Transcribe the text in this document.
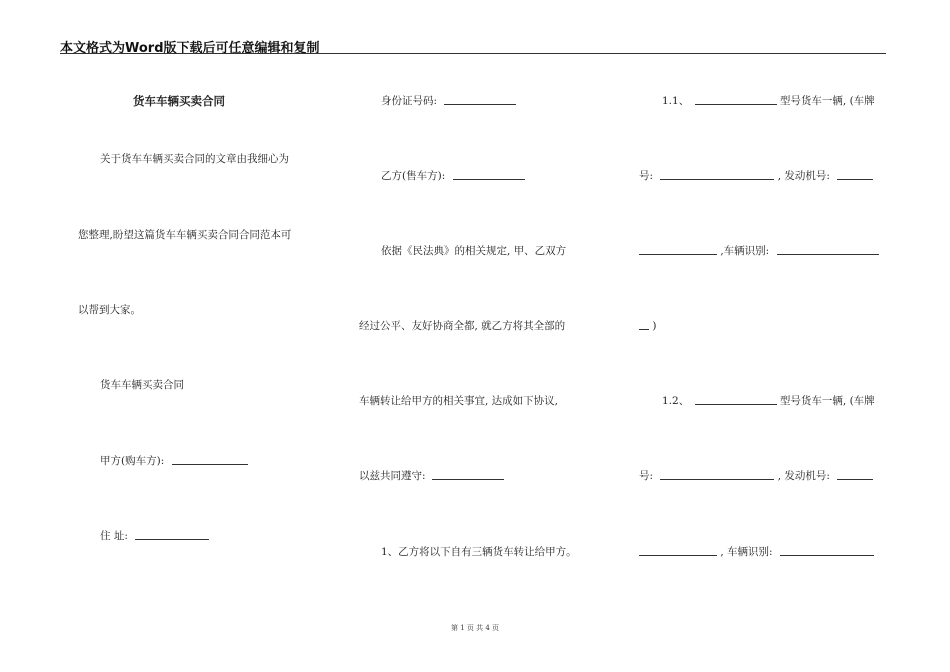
本文格式为Word版下载后可任意编辑和复制
货车车辆买卖合同
关于货车车辆买卖合同的文章由我细心为
您整理,盼望这篇货车车辆买卖合同合同范本可
以帮到大家。
货车车辆买卖合同
甲方(购车方):
住 址:
身份证号码:
乙方(售车方):
依据《民法典》的相关规定, 甲、乙双方
经过公平、友好协商全都, 就乙方将其全部的
车辆转让给甲方的相关事宜, 达成如下协议,
以兹共同遵守:
1、乙方将以下自有三辆货车转让给甲方。
1.1、	型号货车一辆, (车牌
号:	, 发动机号:
,车辆识别:
)
1.2、	型号货车一辆, (车牌
号:	, 发动机号:
, 车辆识别:
第 1 页 共 4 页
